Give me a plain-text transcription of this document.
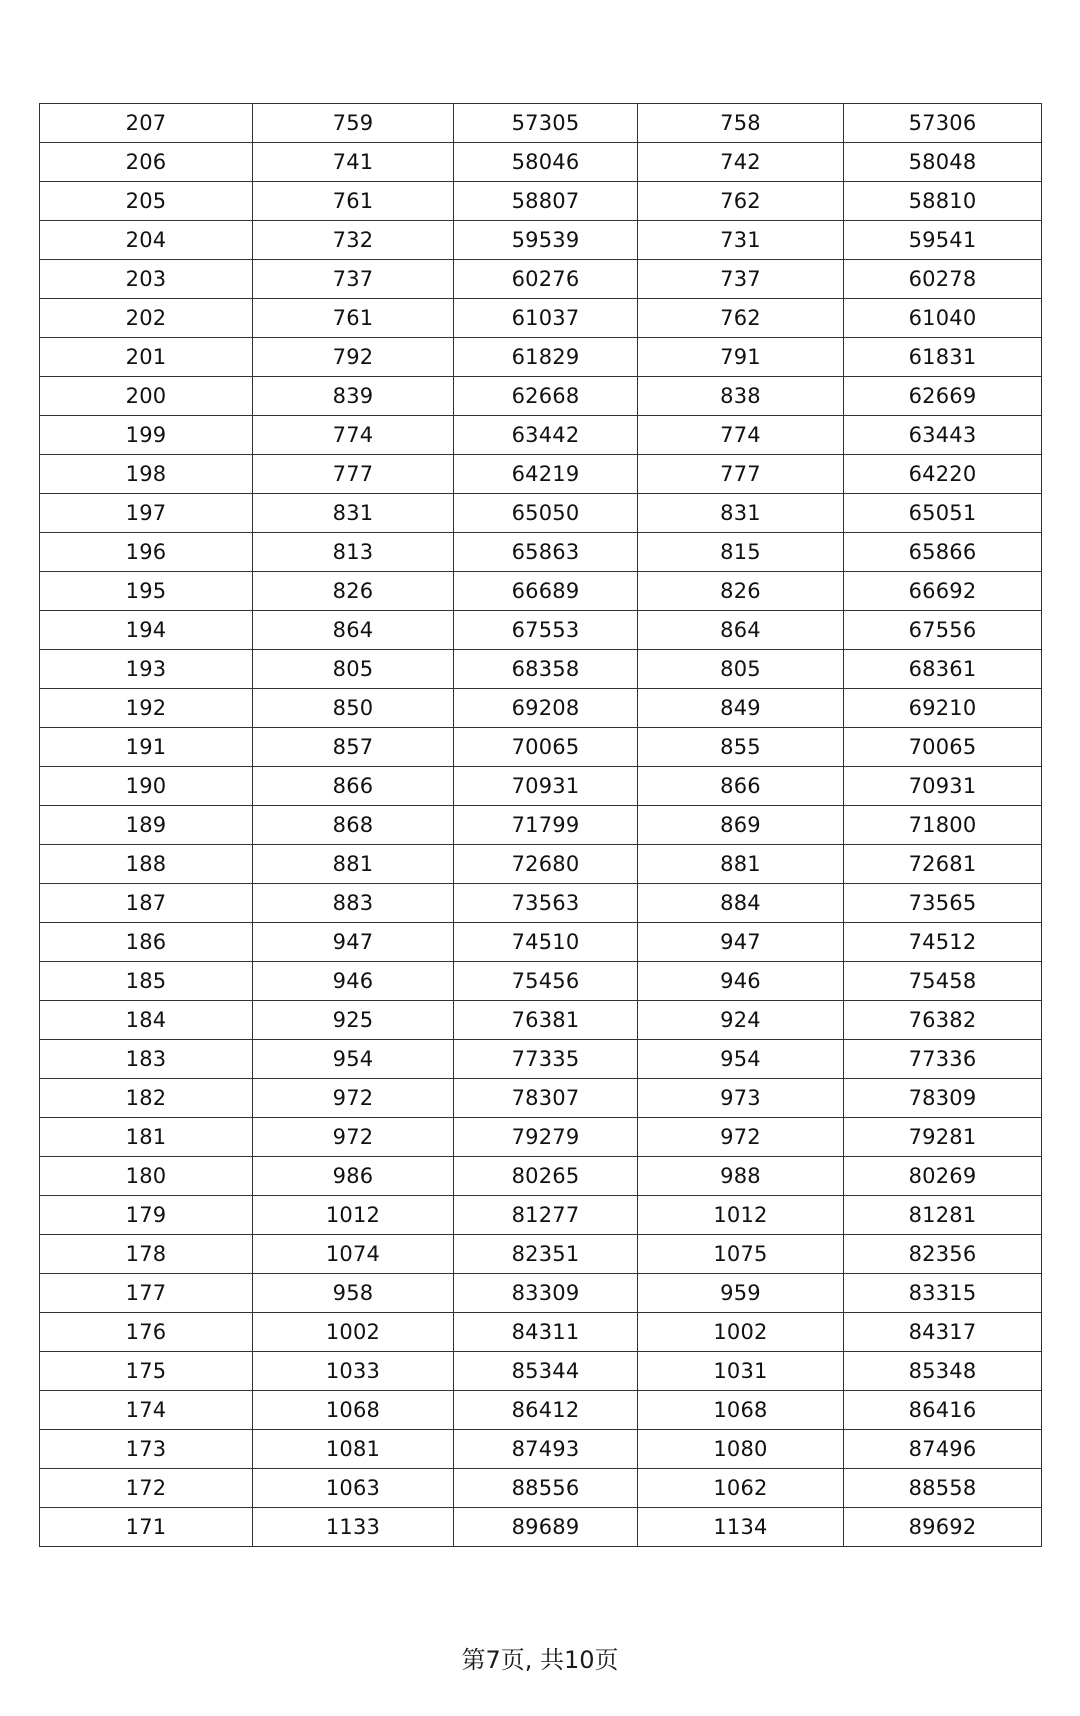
207	759	57305	758	57306
206	741	58046	742	58048
205	761	58807	762	58810
204	732	59539	731	59541
203	737	60276	737	60278
202	761	61037	762	61040
201	792	61829	791	61831
200	839	62668	838	62669
199	774	63442	774	63443
198	777	64219	777	64220
197	831	65050	831	65051
196	813	65863	815	65866
195	826	66689	826	66692
194	864	67553	864	67556
193	805	68358	805	68361
192	850	69208	849	69210
191	857	70065	855	70065
190	866	70931	866	70931
189	868	71799	869	71800
188	881	72680	881	72681
187	883	73563	884	73565
186	947	74510	947	74512
185	946	75456	946	75458
184	925	76381	924	76382
183	954	77335	954	77336
182	972	78307	973	78309
181	972	79279	972	79281
180	986	80265	988	80269
179	1012	81277	1012	81281
178	1074	82351	1075	82356
177	958	83309	959	83315
176	1002	84311	1002	84317
175	1033	85344	1031	85348
174	1068	86412	1068	86416
173	1081	87493	1080	87496
172	1063	88556	1062	88558
171	1133	89689	1134	89692
第7页, 共10页
